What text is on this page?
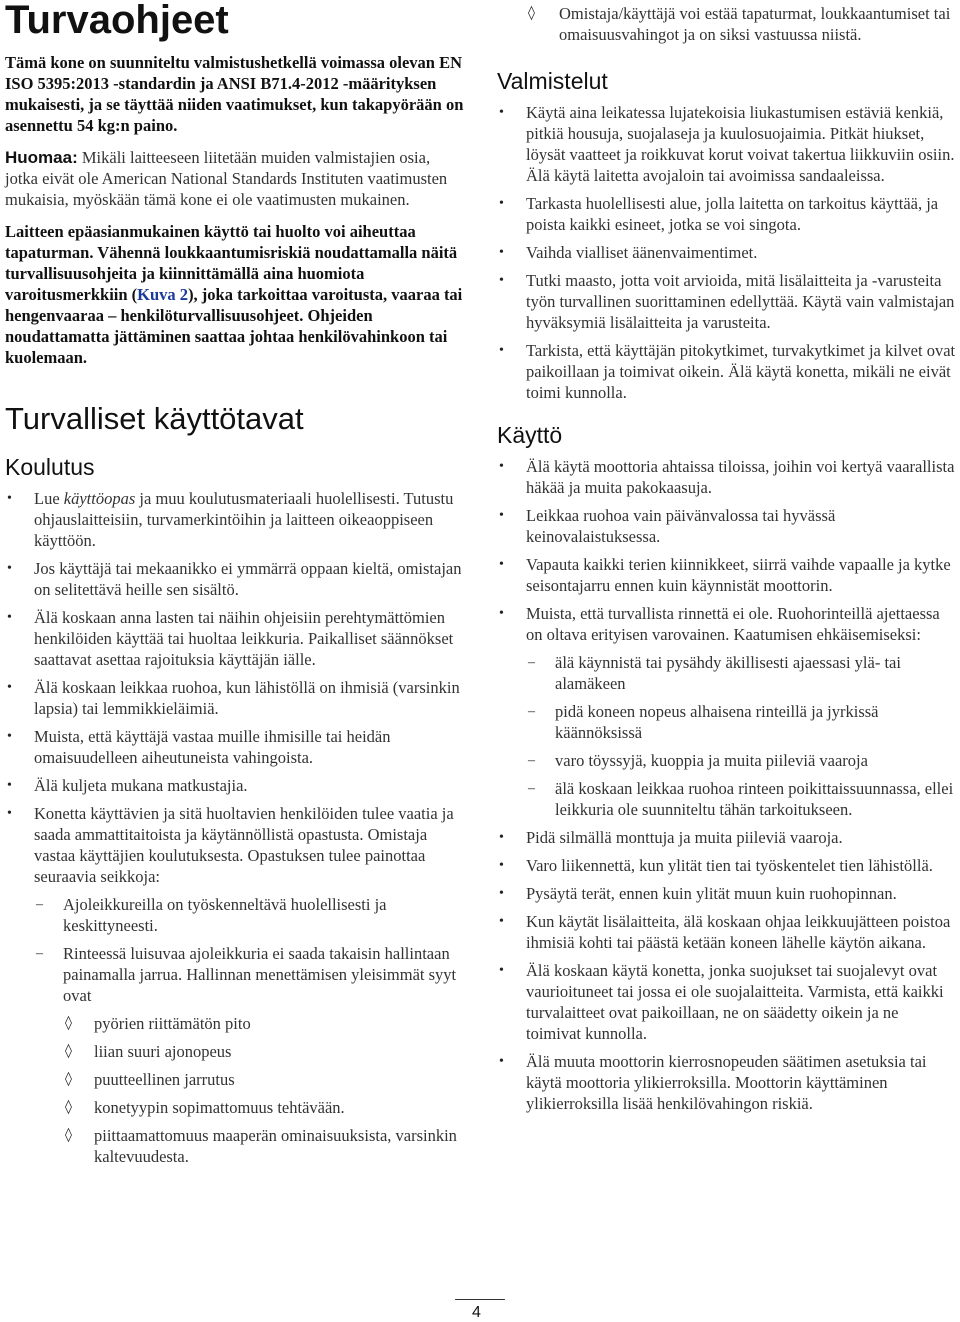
Turvaohjeet

Tämä kone on suunniteltu valmistushetkellä voimassa olevan EN ISO 5395:2013 -standardin ja ANSI B71.4-2012 -määrityksen mukaisesti, ja se täyttää niiden vaatimukset, kun takapyörään on asennettu 54 kg:n paino.

Huomaa: Mikäli laitteeseen liitetään muiden valmistajien osia, jotka eivät ole American National Standards Instituten vaatimusten mukaisia, myöskään tämä kone ei ole vaatimusten mukainen.

Laitteen epäasianmukainen käyttö tai huolto voi aiheuttaa tapaturman. Vähennä loukkaantumisriskiä noudattamalla näitä turvallisuusohjeita ja kiinnittämällä aina huomiota varoitusmerkkiin (Kuva 2), joka tarkoittaa varoitusta, vaaraa tai hengenvaaraa – henkilöturvallisuusohjeet. Ohjeiden noudattamatta jättäminen saattaa johtaa henkilövahinkoon tai kuolemaan.

Turvalliset käyttötavat
Koulutus
•	Lue käyttöopas ja muu koulutusmateriaali huolellisesti. Tutustu ohjauslaitteisiin, turvamerkintöihin ja laitteen oikeaoppiseen käyttöön.
•	Jos käyttäjä tai mekaanikko ei ymmärrä oppaan kieltä, omistajan on selitettävä heille sen sisältö.
•	Älä koskaan anna lasten tai näihin ohjeisiin perehtymättömien henkilöiden käyttää tai huoltaa leikkuria. Paikalliset säännökset saattavat asettaa rajoituksia käyttäjän iälle.
•	Älä koskaan leikkaa ruohoa, kun lähistöllä on ihmisiä (varsinkin lapsia) tai lemmikkieläimiä.
•	Muista, että käyttäjä vastaa muille ihmisille tai heidän omaisuudelleen aiheutuneista vahingoista.
•	Älä kuljeta mukana matkustajia.
•	Konetta käyttävien ja sitä huoltavien henkilöiden tulee vaatia ja saada ammattitaitoista ja käytännöllistä opastusta. Omistaja vastaa käyttäjien koulutuksesta. Opastuksen tulee painottaa seuraavia seikkoja:
–	Ajoleikkureilla on työskenneltävä huolellisesti ja keskittyneesti.
–	Rinteessä luisuvaa ajoleikkuria ei saada takaisin hallintaan painamalla jarrua. Hallinnan menettämisen yleisimmät syyt ovat
◊	pyörien riittämätön pito
◊	liian suuri ajonopeus
◊	puutteellinen jarrutus
◊	konetyypin sopimattomuus tehtävään.
◊	piittaamattomuus maaperän ominaisuuksista, varsinkin kaltevuudesta.
◊	Omistaja/käyttäjä voi estää tapaturmat, loukkaantumiset tai omaisuusvahingot ja on siksi vastuussa niistä.
Valmistelut
•	Käytä aina leikatessa lujatekoisia liukastumisen estäviä kenkiä, pitkiä housuja, suojalaseja ja kuulosuojaimia. Pitkät hiukset, löysät vaatteet ja roikkuvat korut voivat takertua liikkuviin osiin. Älä käytä laitetta avojaloin tai avoimissa sandaaleissa.
•	Tarkasta huolellisesti alue, jolla laitetta on tarkoitus käyttää, ja poista kaikki esineet, jotka se voi singota.
•	Vaihda vialliset äänenvaimentimet.
•	Tutki maasto, jotta voit arvioida, mitä lisälaitteita ja -varusteita työn turvallinen suorittaminen edellyttää. Käytä vain valmistajan hyväksymiä lisälaitteita ja varusteita.
•	Tarkista, että käyttäjän pitokytkimet, turvakytkimet ja kilvet ovat paikoillaan ja toimivat oikein. Älä käytä konetta, mikäli ne eivät toimi kunnolla.
Käyttö
•	Älä käytä moottoria ahtaissa tiloissa, joihin voi kertyä vaarallista häkää ja muita pakokaasuja.
•	Leikkaa ruohoa vain päivänvalossa tai hyvässä keinovalaistuksessa.
•	Vapauta kaikki terien kiinnikkeet, siirrä vaihde vapaalle ja kytke seisontajarru ennen kuin käynnistät moottorin.
•	Muista, että turvallista rinnettä ei ole. Ruohorinteillä ajettaessa on oltava erityisen varovainen. Kaatumisen ehkäisemiseksi:
–	älä käynnistä tai pysähdy äkillisesti ajaessasi ylä- tai alamäkeen
–	pidä koneen nopeus alhaisena rinteillä ja jyrkissä käännöksissä
–	varo töyssyjä, kuoppia ja muita piileviä vaaroja
–	älä koskaan leikkaa ruohoa rinteen poikittaissuunnassa, ellei leikkuria ole suunniteltu tähän tarkoitukseen.
•	Pidä silmällä monttuja ja muita piileviä vaaroja.
•	Varo liikennettä, kun ylität tien tai työskentelet tien lähistöllä.
•	Pysäytä terät, ennen kuin ylität muun kuin ruohopinnan.
•	Kun käytät lisälaitteita, älä koskaan ohjaa leikkuujätteen poistoa ihmisiä kohti tai päästä ketään koneen lähelle käytön aikana.
•	Älä koskaan käytä konetta, jonka suojukset tai suojalevyt ovat vaurioituneet tai jossa ei ole suojalaitteita. Varmista, että kaikki turvalaitteet ovat paikoillaan, ne on säädetty oikein ja ne toimivat kunnolla.
•	Älä muuta moottorin kierrosnopeuden säätimen asetuksia tai käytä moottoria ylikierroksilla. Moottorin käyttäminen ylikierroksilla lisää henkilövahingon riskiä.
4
